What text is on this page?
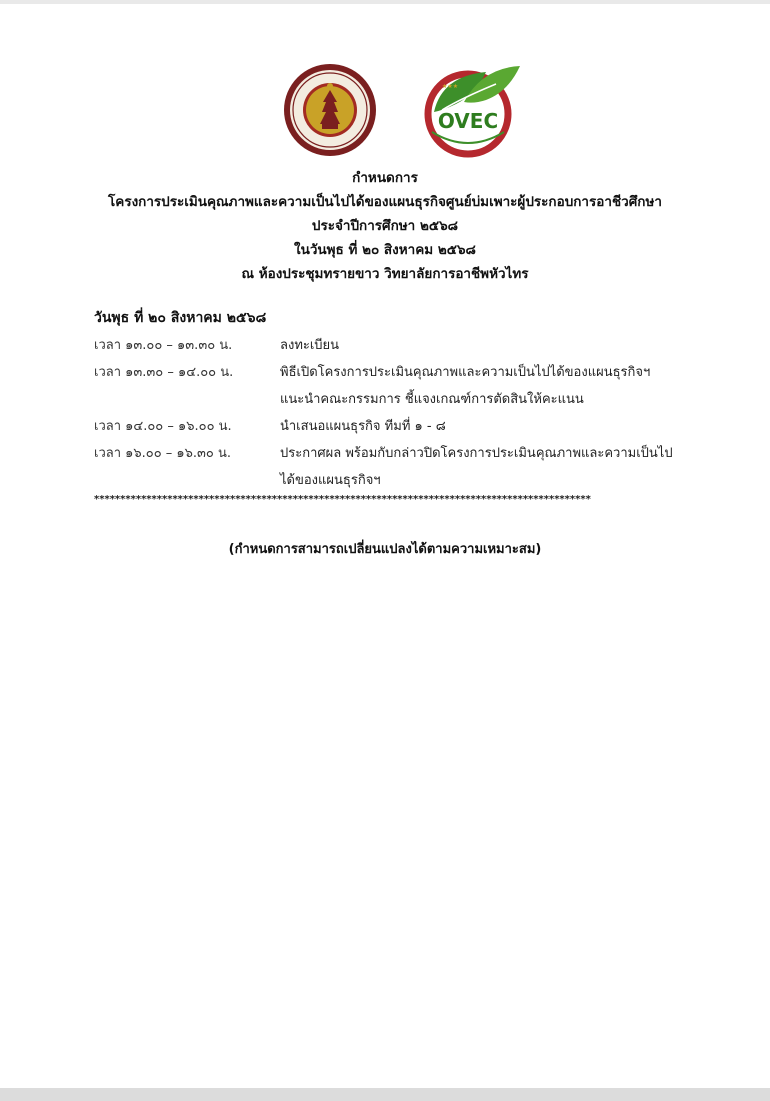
★★★
OVEC

กำหนดการ

โครงการประเมินคุณภาพและความเป็นไปได้ของแผนธุรกิจศูนย์บ่มเพาะผู้ประกอบการอาชีวศึกษา

ประจำปีการศึกษา ๒๕๖๘

ในวันพุธ ที่ ๒๐ สิงหาคม ๒๕๖๘

ณ ห้องประชุมทรายขาว วิทยาลัยการอาชีพหัวไทร

วันพุธ ที่ ๒๐ สิงหาคม ๒๕๖๘

เวลา ๑๓.๐๐ – ๑๓.๓๐ น.	ลงทะเบียน
เวลา ๑๓.๓๐ – ๑๔.๐๐ น.	พิธีเปิดโครงการประเมินคุณภาพและความเป็นไปได้ของแผนธุรกิจฯ
แนะนำคณะกรรมการ ชี้แจงเกณฑ์การตัดสินให้คะแนน
เวลา ๑๔.๐๐ – ๑๖.๐๐ น.	นำเสนอแผนธุรกิจ ทีมที่ ๑ - ๘
เวลา ๑๖.๐๐ – ๑๖.๓๐ น.	ประกาศผล พร้อมกับกล่าวปิดโครงการประเมินคุณภาพและความเป็นไป
ได้ของแผนธุรกิจฯ
***********************************************************************************************

(กำหนดการสามารถเปลี่ยนแปลงได้ตามความเหมาะสม)
